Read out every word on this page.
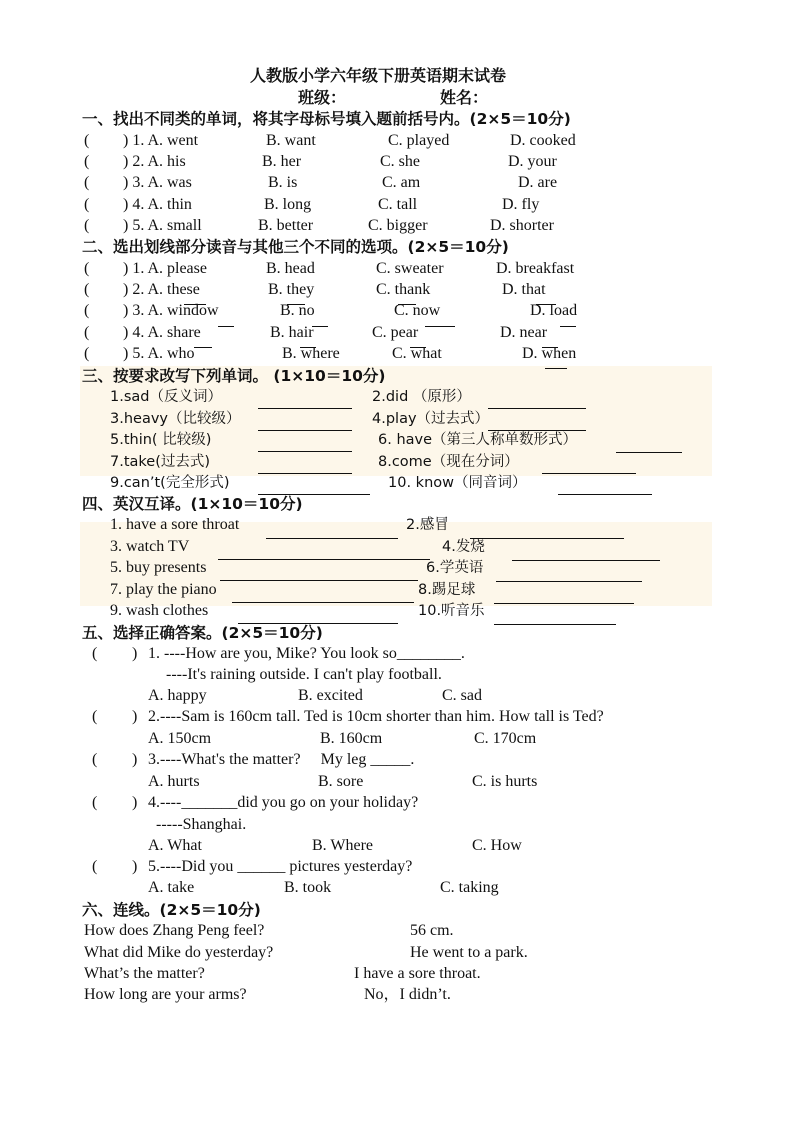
人教版小学六年级下册英语期末试卷
班级：	姓名：
一、找出不同类的单词，将其字母标号填入题前括号内。(2×5＝10分)
( ) 1. A. went	B. want	C. played	D. cooked
( ) 2. A. his	B. her	C. she	D. your
( ) 3. A. was	B. is	C. am	D. are
( ) 4. A. thin	B. long	C. tall	D. fly
( ) 5. A. small	B. better	C. bigger	D. shorter
二、选出划线部分读音与其他三个不同的选项。(2×5＝10分)
( ) 1. A. please	B. head	C. sweater	D. breakfast
( ) 2. A. these	B. they	C. thank	D. that
( ) 3. A. window	B. no	C. now	D. load
( ) 4. A. share	B. hair	C. pear	D. near
( ) 5. A. who	B. where	C. what	D. when
三、按要求改写下列单词。 (1×10＝10分)
1.sad（反义词）	2.did （原形）
3.heavy（比较级）	4.play（过去式）
5.thin( 比较级)	6. have（第三人称单数形式）
7.take(过去式)	8.come（现在分词）
9.can’t(完全形式)	10. know（同音词）
四、英汉互译。(1×10＝10分)
1. have a sore throat	2.感冒
3. watch TV	4.发烧
5. buy presents	6.学英语
7. play the piano	8.踢足球
9. wash clothes	10.听音乐
五、选择正确答案。(2×5＝10分)
( ) 1. ----How are you, Mike? You look so________.
----It's raining outside. I can't play football.
A. happy	B. excited	C. sad
( ) 2.----Sam is 160cm tall. Ted is 10cm shorter than him. How tall is Ted?
A. 150cm	B. 160cm	C. 170cm
( ) 3.----What's the matter?     My leg _____.
A. hurts	B. sore	C. is hurts
( ) 4.----_______did you go on your holiday?
-----Shanghai.
A. What	B. Where	C. How
( ) 5.----Did you ______ pictures yesterday?
A. take	B. took	C. taking
六、连线。(2×5＝10分)
How does Zhang Peng feel?	56 cm.
What did Mike do yesterday?	He went to a park.
What’s the matter?	I have a sore throat.
How long are your arms?	No，I didn’t.
